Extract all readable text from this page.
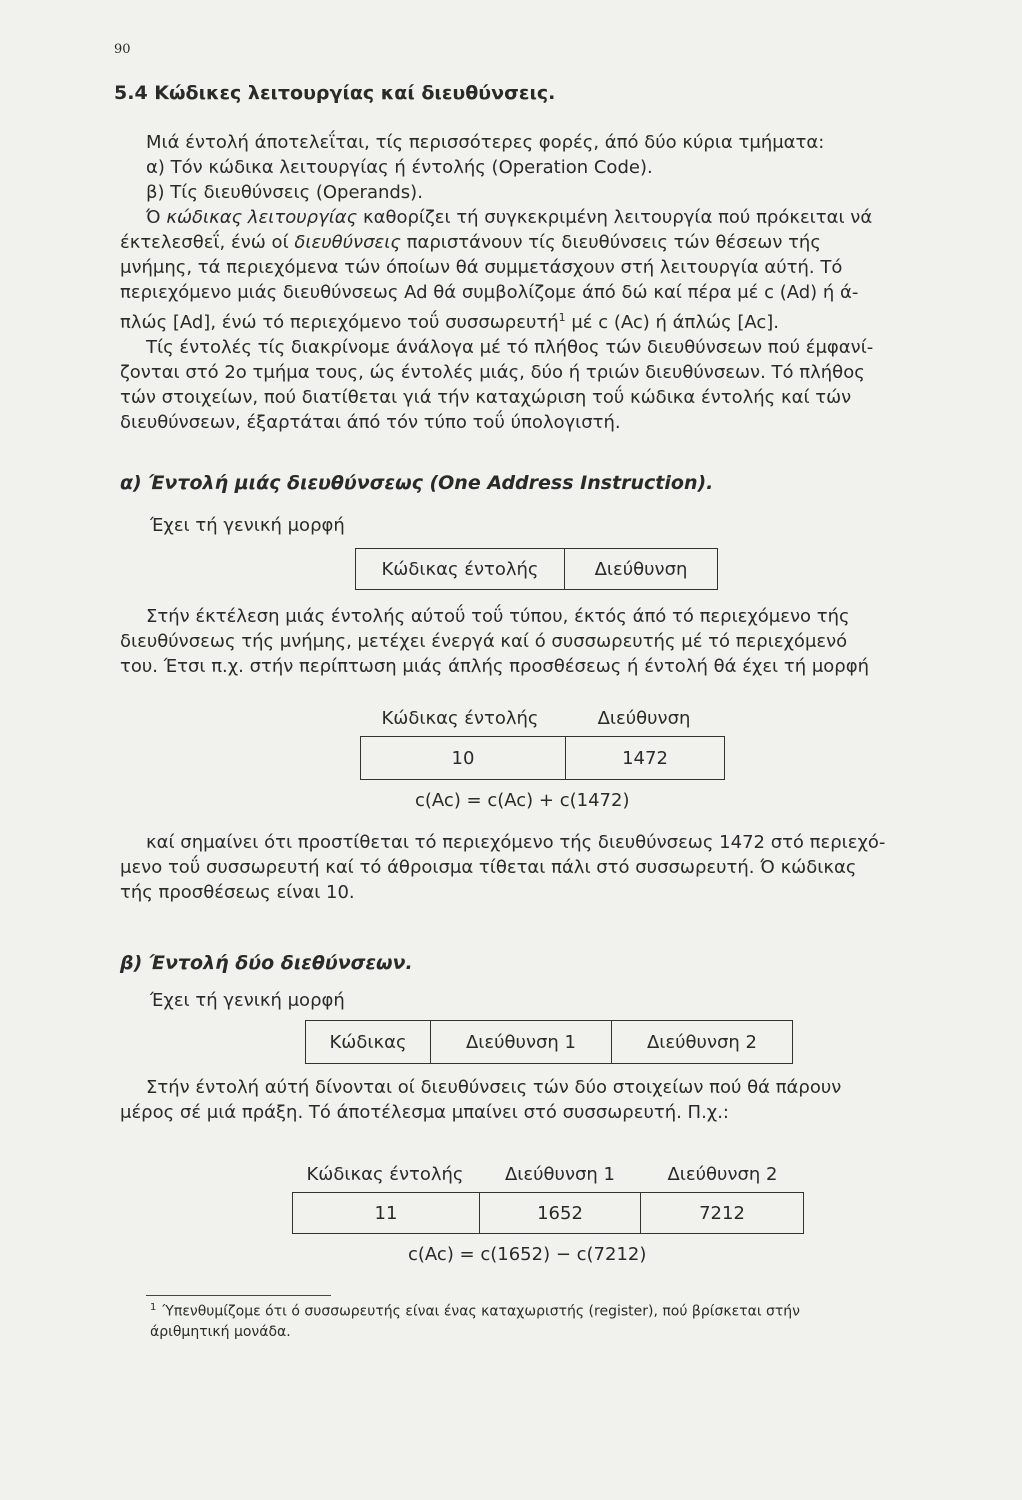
90
5.4 Κώδικες λειτουργίας καί διευθύνσεις.
Μιά έντολή άποτελεΐται, τίς περισσότερες φορές, άπό δύο κύρια τμήματα:
α) Τόν κώδικα λειτουργίας ή έντολής (Operation Code).
β) Τίς διευθύνσεις (Operands).
Ό κώδικας λειτουργίας καθορίζει τή συγκεκριμένη λειτουργία πού πρόκειται νά
έκτελεσθεΐ, ένώ οί διευθύνσεις παριστάνουν τίς διευθύνσεις τών θέσεων τής
μνήμης, τά περιεχόμενα τών όποίων θά συμμετάσχουν στή λειτουργία αύτή. Τό
περιεχόμενο μιάς διευθύνσεως Ad θά συμβολίζομε άπό δώ καί πέρα μέ c (Ad) ή ά-
πλώς [Ad], ένώ τό περιεχόμενο τοΰ συσσωρευτή$^1$ μέ c (Ac) ή άπλώς [Ac].
Τίς έντολές τίς διακρίνομε άνάλογα μέ τό πλήθος τών διευθύνσεων πού έμφανί-
ζονται στό 2ο τμήμα τους, ώς έντολές μιάς, δύο ή τριών διευθύνσεων. Τό πλήθος
τών στοιχείων, πού διατίθεται γιά τήν καταχώριση τοΰ κώδικα έντολής καί τών
διευθύνσεων, έξαρτάται άπό τόν τύπο τοΰ ύπολογιστή.
α) Έντολή μιάς διευθύνσεως (One Address Instruction).
Έχει τή γενική μορφή
Κώδικας έντολής	Διεύθυνση
Στήν έκτέλεση μιάς έντολής αύτοΰ τοΰ τύπου, έκτός άπό τό περιεχόμενο τής
διευθύνσεως τής μνήμης, μετέχει ένεργά καί ό συσσωρευτής μέ τό περιεχόμενό
του. Έτσι π.χ. στήν περίπτωση μιάς άπλής προσθέσεως ή έντολή θά έχει τή μορφή
Κώδικας έντολής	Διεύθυνση
10	1472
c(Ac) = c(Ac) + c(1472)
καί σημαίνει ότι προστίθεται τό περιεχόμενο τής διευθύνσεως 1472 στό περιεχό-
μενο τοΰ συσσωρευτή καί τό άθροισμα τίθεται πάλι στό συσσωρευτή. Ό κώδικας
τής προσθέσεως είναι 10.
β) Έντολή δύο διεθύνσεων.
Έχει τή γενική μορφή
Κώδικας	Διεύθυνση 1	Διεύθυνση 2
Στήν έντολή αύτή δίνονται οί διευθύνσεις τών δύο στοιχείων πού θά πάρουν
μέρος σέ μιά πράξη. Τό άποτέλεσμα μπαίνει στό συσσωρευτή. Π.χ.:
Κώδικας έντολής	Διεύθυνση 1	Διεύθυνση 2
11	1652	7212
c(Ac) = c(1652) − c(7212)
$^1$ Ύπενθυμίζομε ότι ό συσσωρευτής είναι ένας καταχωριστής (register), πού βρίσκεται στήν
άριθμητική μονάδα.
